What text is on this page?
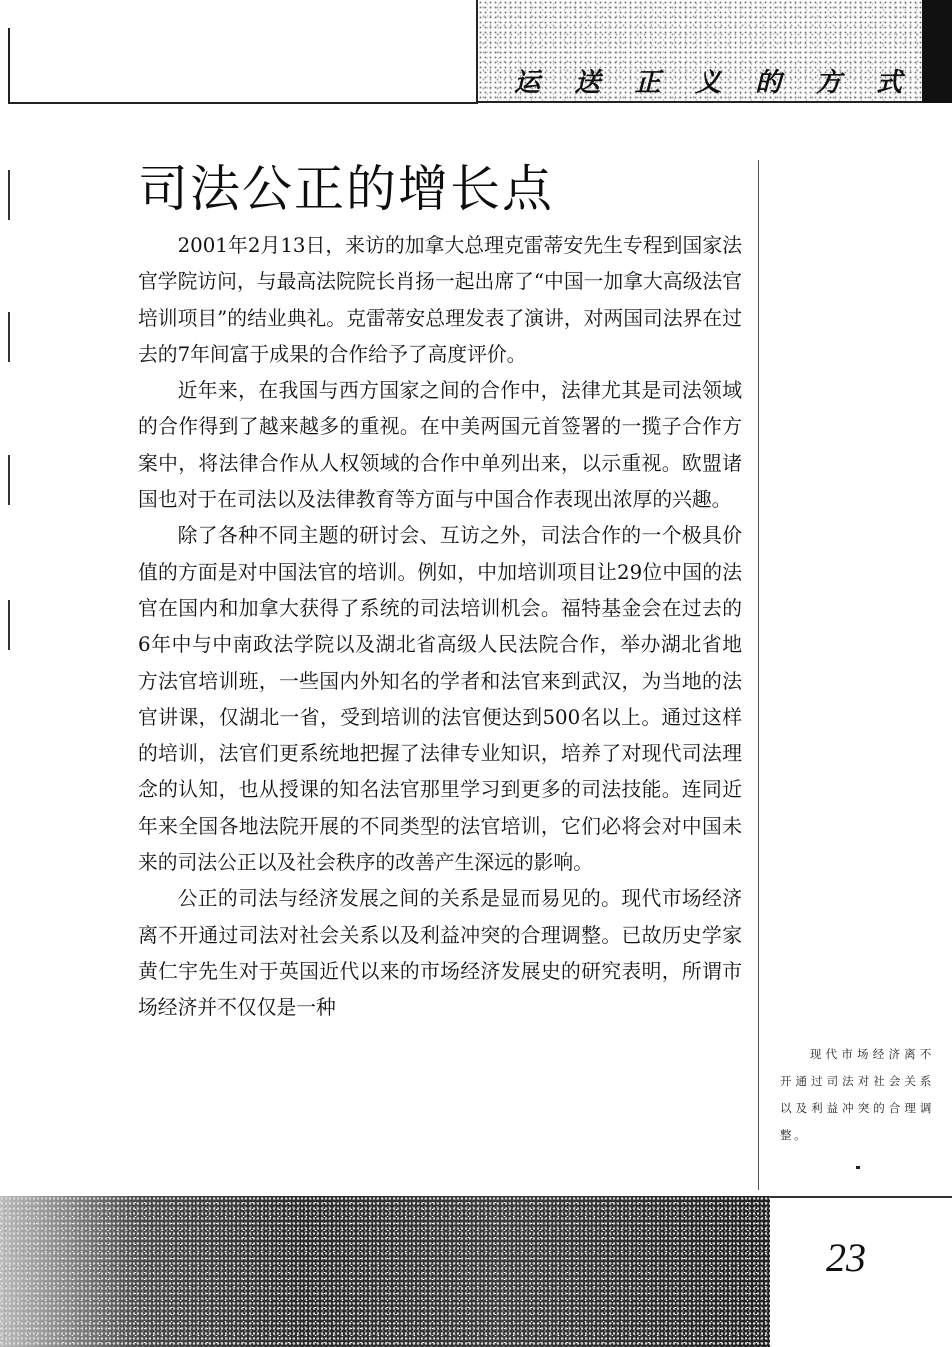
运	送	正	义	的	方	式
司法公正的增长点

2001年2月13日，来访的加拿大总理克雷蒂安先生专程到国家法官学院访问，与最高法院院长肖扬一起出席了“中国一加拿大高级法官培训项目”的结业典礼。克雷蒂安总理发表了演讲，对两国司法界在过去的7年间富于成果的合作给予了高度评价。

近年来，在我国与西方国家之间的合作中，法律尤其是司法领域的合作得到了越来越多的重视。在中美两国元首签署的一揽子合作方案中，将法律合作从人权领域的合作中单列出来，以示重视。欧盟诸国也对于在司法以及法律教育等方面与中国合作表现出浓厚的兴趣。

除了各种不同主题的研讨会、互访之外，司法合作的一个极具价值的方面是对中国法官的培训。例如，中加培训项目让29位中国的法官在国内和加拿大获得了系统的司法培训机会。福特基金会在过去的6年中与中南政法学院以及湖北省高级人民法院合作，举办湖北省地方法官培训班，一些国内外知名的学者和法官来到武汉，为当地的法官讲课，仅湖北一省，受到培训的法官便达到500名以上。通过这样的培训，法官们更系统地把握了法律专业知识，培养了对现代司法理念的认知，也从授课的知名法官那里学习到更多的司法技能。连同近年来全国各地法院开展的不同类型的法官培训，它们必将会对中国未来的司法公正以及社会秩序的改善产生深远的影响。

公正的司法与经济发展之间的关系是显而易见的。现代市场经济离不开通过司法对社会关系以及利益冲突的合理调整。已故历史学家黄仁宇先生对于英国近代以来的市场经济发展史的研究表明，所谓市场经济并不仅仅是一种

现代市场经济离不开通过司法对社会关系以及利益冲突的合理调整。

23
